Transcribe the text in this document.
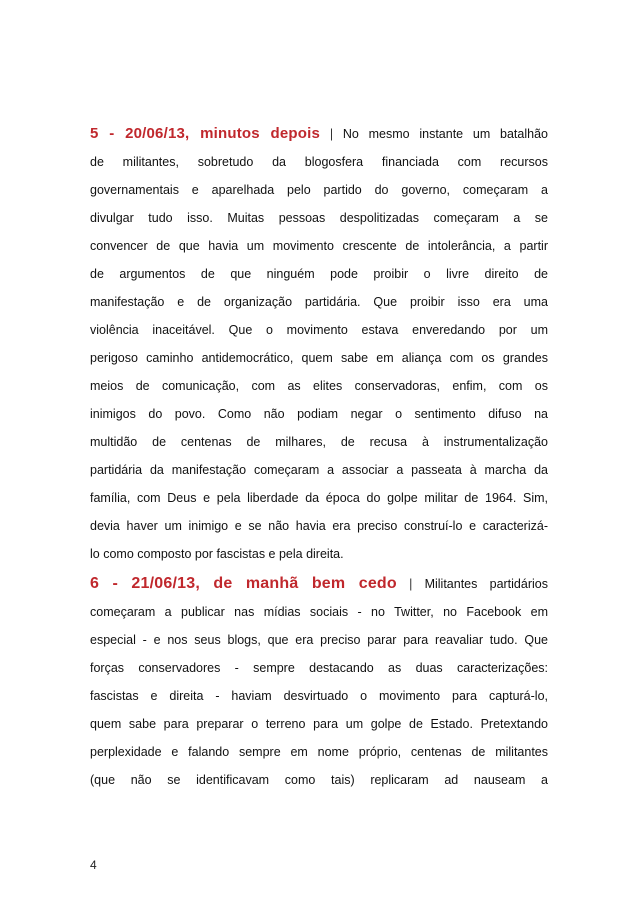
5 - 20/06/13, minutos depois | No mesmo instante um batalhão
de militantes, sobretudo da blogosfera financiada com recursos
governamentais e aparelhada pelo partido do governo, começaram a
divulgar tudo isso. Muitas pessoas despolitizadas começaram a se
convencer de que havia um movimento crescente de intolerância, a partir
de argumentos de que ninguém pode proibir o livre direito de
manifestação e de organização partidária. Que proibir isso era uma
violência inaceitável. Que o movimento estava enveredando por um
perigoso caminho antidemocrático, quem sabe em aliança com os grandes
meios de comunicação, com as elites conservadoras, enfim, com os
inimigos do povo. Como não podiam negar o sentimento difuso na
multidão de centenas de milhares, de recusa à instrumentalização
partidária da manifestação começaram a associar a passeata à marcha da
família, com Deus e pela liberdade da época do golpe militar de 1964. Sim,
devia haver um inimigo e se não havia era preciso construí-lo e caracterizá-
lo como composto por fascistas e pela direita.
6 - 21/06/13, de manhã bem cedo | Militantes partidários
começaram a publicar nas mídias sociais - no Twitter, no Facebook em
especial - e nos seus blogs, que era preciso parar para reavaliar tudo. Que
forças conservadores - sempre destacando as duas caracterizações:
fascistas e direita - haviam desvirtuado o movimento para capturá-lo,
quem sabe para preparar o terreno para um golpe de Estado. Pretextando
perplexidade e falando sempre em nome próprio, centenas de militantes
(que não se identificavam como tais) replicaram ad nauseam a
4
